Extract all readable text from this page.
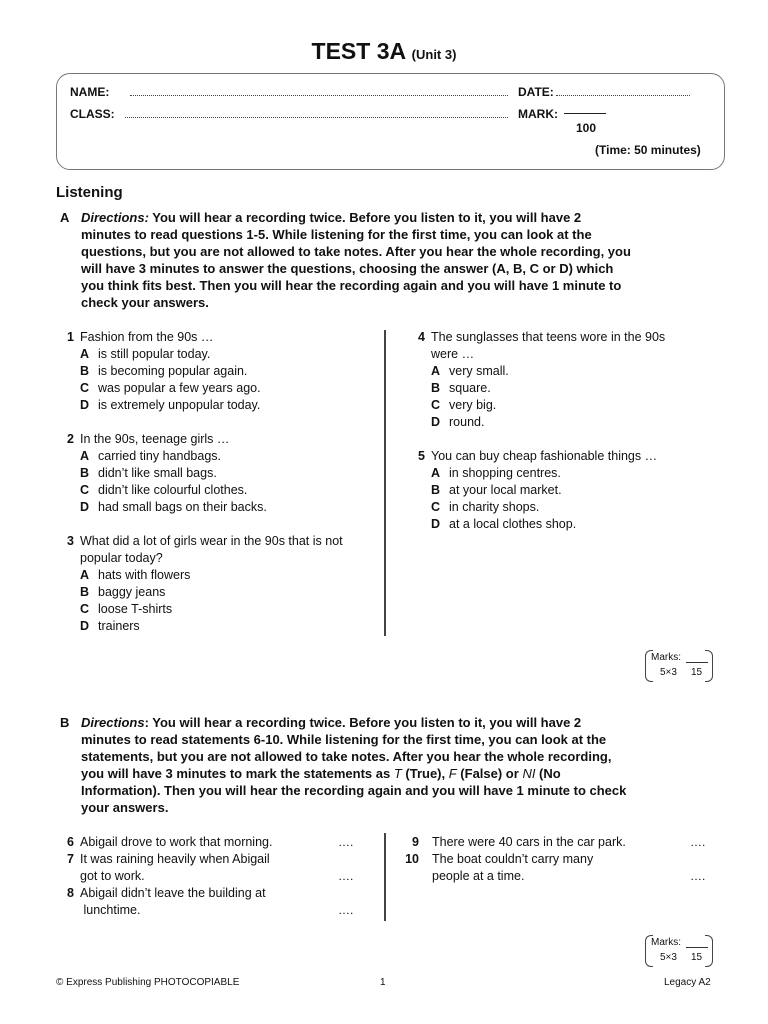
TEST 3A (Unit 3)
NAME:	DATE:
CLASS:	MARK:
100
(Time: 50 minutes)
Listening
A Directions: You will hear a recording twice. Before you listen to it, you will have 2
minutes to read questions 1-5. While listening for the first time, you can look at the
questions, but you are not allowed to take notes. After you hear the whole recording, you
will have 3 minutes to answer the questions, choosing the answer (A, B, C or D) which
you think fits best. Then you will hear the recording again and you will have 1 minute to
check your answers.
1 Fashion from the 90s …
A is still popular today.
B is becoming popular again.
C was popular a few years ago.
D is extremely unpopular today.
2 In the 90s, teenage girls …
A carried tiny handbags.
B didn’t like small bags.
C didn’t like colourful clothes.
D had small bags on their backs.
3 What did a lot of girls wear in the 90s that is not
popular today?
A hats with flowers
B baggy jeans
C loose T-shirts
D trainers
4 The sunglasses that teens wore in the 90s
were …
A very small.
B square.
C very big.
D round.
5 You can buy cheap fashionable things …
A in shopping centres.
B at your local market.
C in charity shops.
D at a local clothes shop.
Marks:
5×3 15
B Directions: You will hear a recording twice. Before you listen to it, you will have 2
minutes to read statements 6-10. While listening for the first time, you can look at the
statements, but you are not allowed to take notes. After you hear the whole recording,
you will have 3 minutes to mark the statements as T (True), F (False) or NI (No
Information). Then you will hear the recording again and you will have 1 minute to check
your answers.
6 Abigail drove to work that morning.	….
7 It was raining heavily when Abigail
got to work.	….
8 Abigail didn’t leave the building at
lunchtime.	….
9 There were 40 cars in the car park.	….
10 The boat couldn’t carry many
people at a time.	….
Marks:
5×3 15
© Express Publishing PHOTOCOPIABLE	1	Legacy A2
